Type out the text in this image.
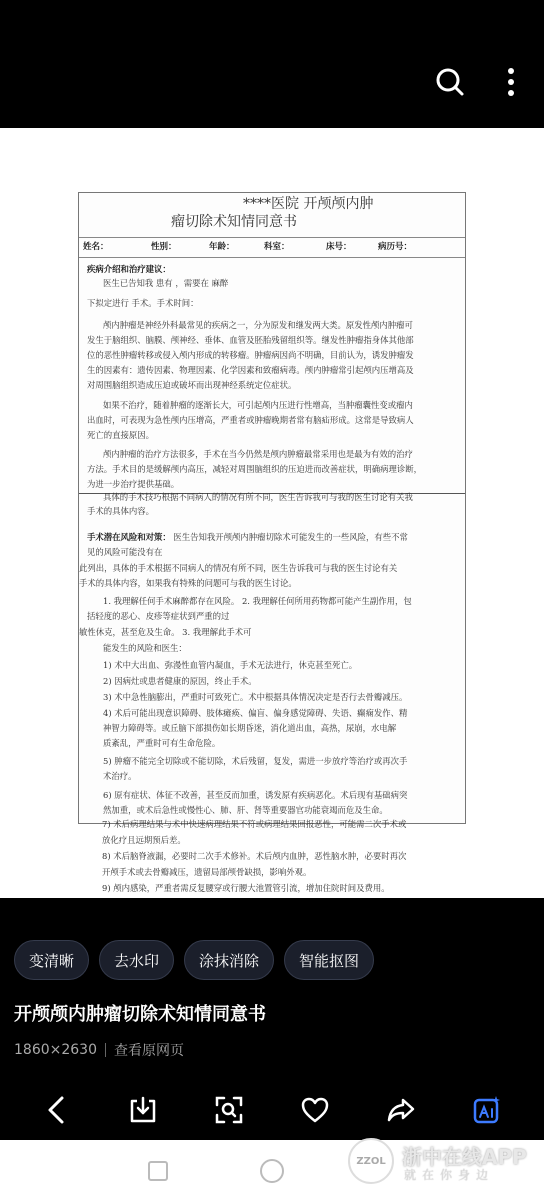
****医院 开颅颅内肿
瘤切除术知情同意书
姓名：	性别：	年龄：	科室：	床号：	病历号：
疾病介绍和治疗建议：
医生已告知我 患有 ，需要在 麻醉
下拟定进行 手术。手术时间：
颅内肿瘤是神经外科最常见的疾病之一，分为原发和继发两大类。原发性颅内肿瘤可
发生于脑组织、脑膜、颅神经、垂体、血管及胚胎残留组织等。继发性肿瘤指身体其他部
位的恶性肿瘤转移或侵入颅内形成的转移瘤。肿瘤病因尚不明确，目前认为，诱发肿瘤发
生的因素有：遗传因素、物理因素、化学因素和致瘤病毒。颅内肿瘤常引起颅内压增高及
对周围脑组织造成压迫或破坏而出现神经系统定位症状。
如果不治疗，随着肿瘤的逐渐长大，可引起颅内压进行性增高，当肿瘤囊性变或瘤内
出血时，可表现为急性颅内压增高，严重者或肿瘤晚期者常有脑疝形成。这常是导致病人
死亡的直接原因。
颅内肿瘤的治疗方法很多，手术在当今仍然是颅内肿瘤最常采用也是最为有效的治疗
方法。手术目的是缓解颅内高压，减轻对周围脑组织的压迫进而改善症状，明确病理诊断，
为进一步治疗提供基础。
具体的手术技巧根据不同病人的情况有所不同，医生告诉我可与我的医生讨论有关我
手术的具体内容。
手术潜在风险和对策： 医生告知我开颅颅内肿瘤切除术可能发生的一些风险，有些不常
见的风险可能没有在
此列出，具体的手术根据不同病人的情况有所不同，医生告诉我可与我的医生讨论有关
手术的具体内容，如果我有特殊的问题可与我的医生讨论。
1. 我理解任何手术麻醉都存在风险。 2. 我理解任何所用药物都可能产生副作用，包
括轻度的恶心、皮疹等症状到严重的过
敏性休克，甚至危及生命。 3. 我理解此手术可
能发生的风险和医生：
1) 术中大出血、弥漫性血管内凝血，手术无法进行，休克甚至死亡。
2) 因病灶或患者健康的原因，终止手术。
3) 术中急性脑膨出，严重时可致死亡。术中根据具体情况决定是否行去骨瓣减压。
4) 术后可能出现意识障碍、肢体瘫痪、偏盲、偏身感觉障碍、失语、癫痫发作、精
神智力障碍等。或丘脑下部损伤如长期昏迷，消化道出血，高热，尿崩，水电解
质紊乱，严重时可有生命危险。
5) 肿瘤不能完全切除或不能切除，术后残留，复发，需进一步放疗等治疗或再次手
术治疗。
6) 原有症状、体征不改善，甚至反而加重，诱发原有疾病恶化。术后现有基础病突
然加重，或术后急性或慢性心、肺、肝、肾等重要器官功能衰竭而危及生命。
7) 术后病理结果与术中快速病理结果不符或病理结果回报恶性，可能需二次手术或
放化疗且远期预后差。
8) 术后脑脊液漏，必要时二次手术修补。术后颅内血肿，恶性脑水肿，必要时再次
开颅手术或去骨瓣减压，遗留局部颅骨缺损，影响外观。
9) 颅内感染，严重者需反复腰穿或行腰大池置管引流，增加住院时间及费用。
变清晰	去水印	涂抹消除	智能抠图
开颅颅内肿瘤切除术知情同意书
1860×2630 查看原网页
ZZOL 浙中在线APP
就在你身边
